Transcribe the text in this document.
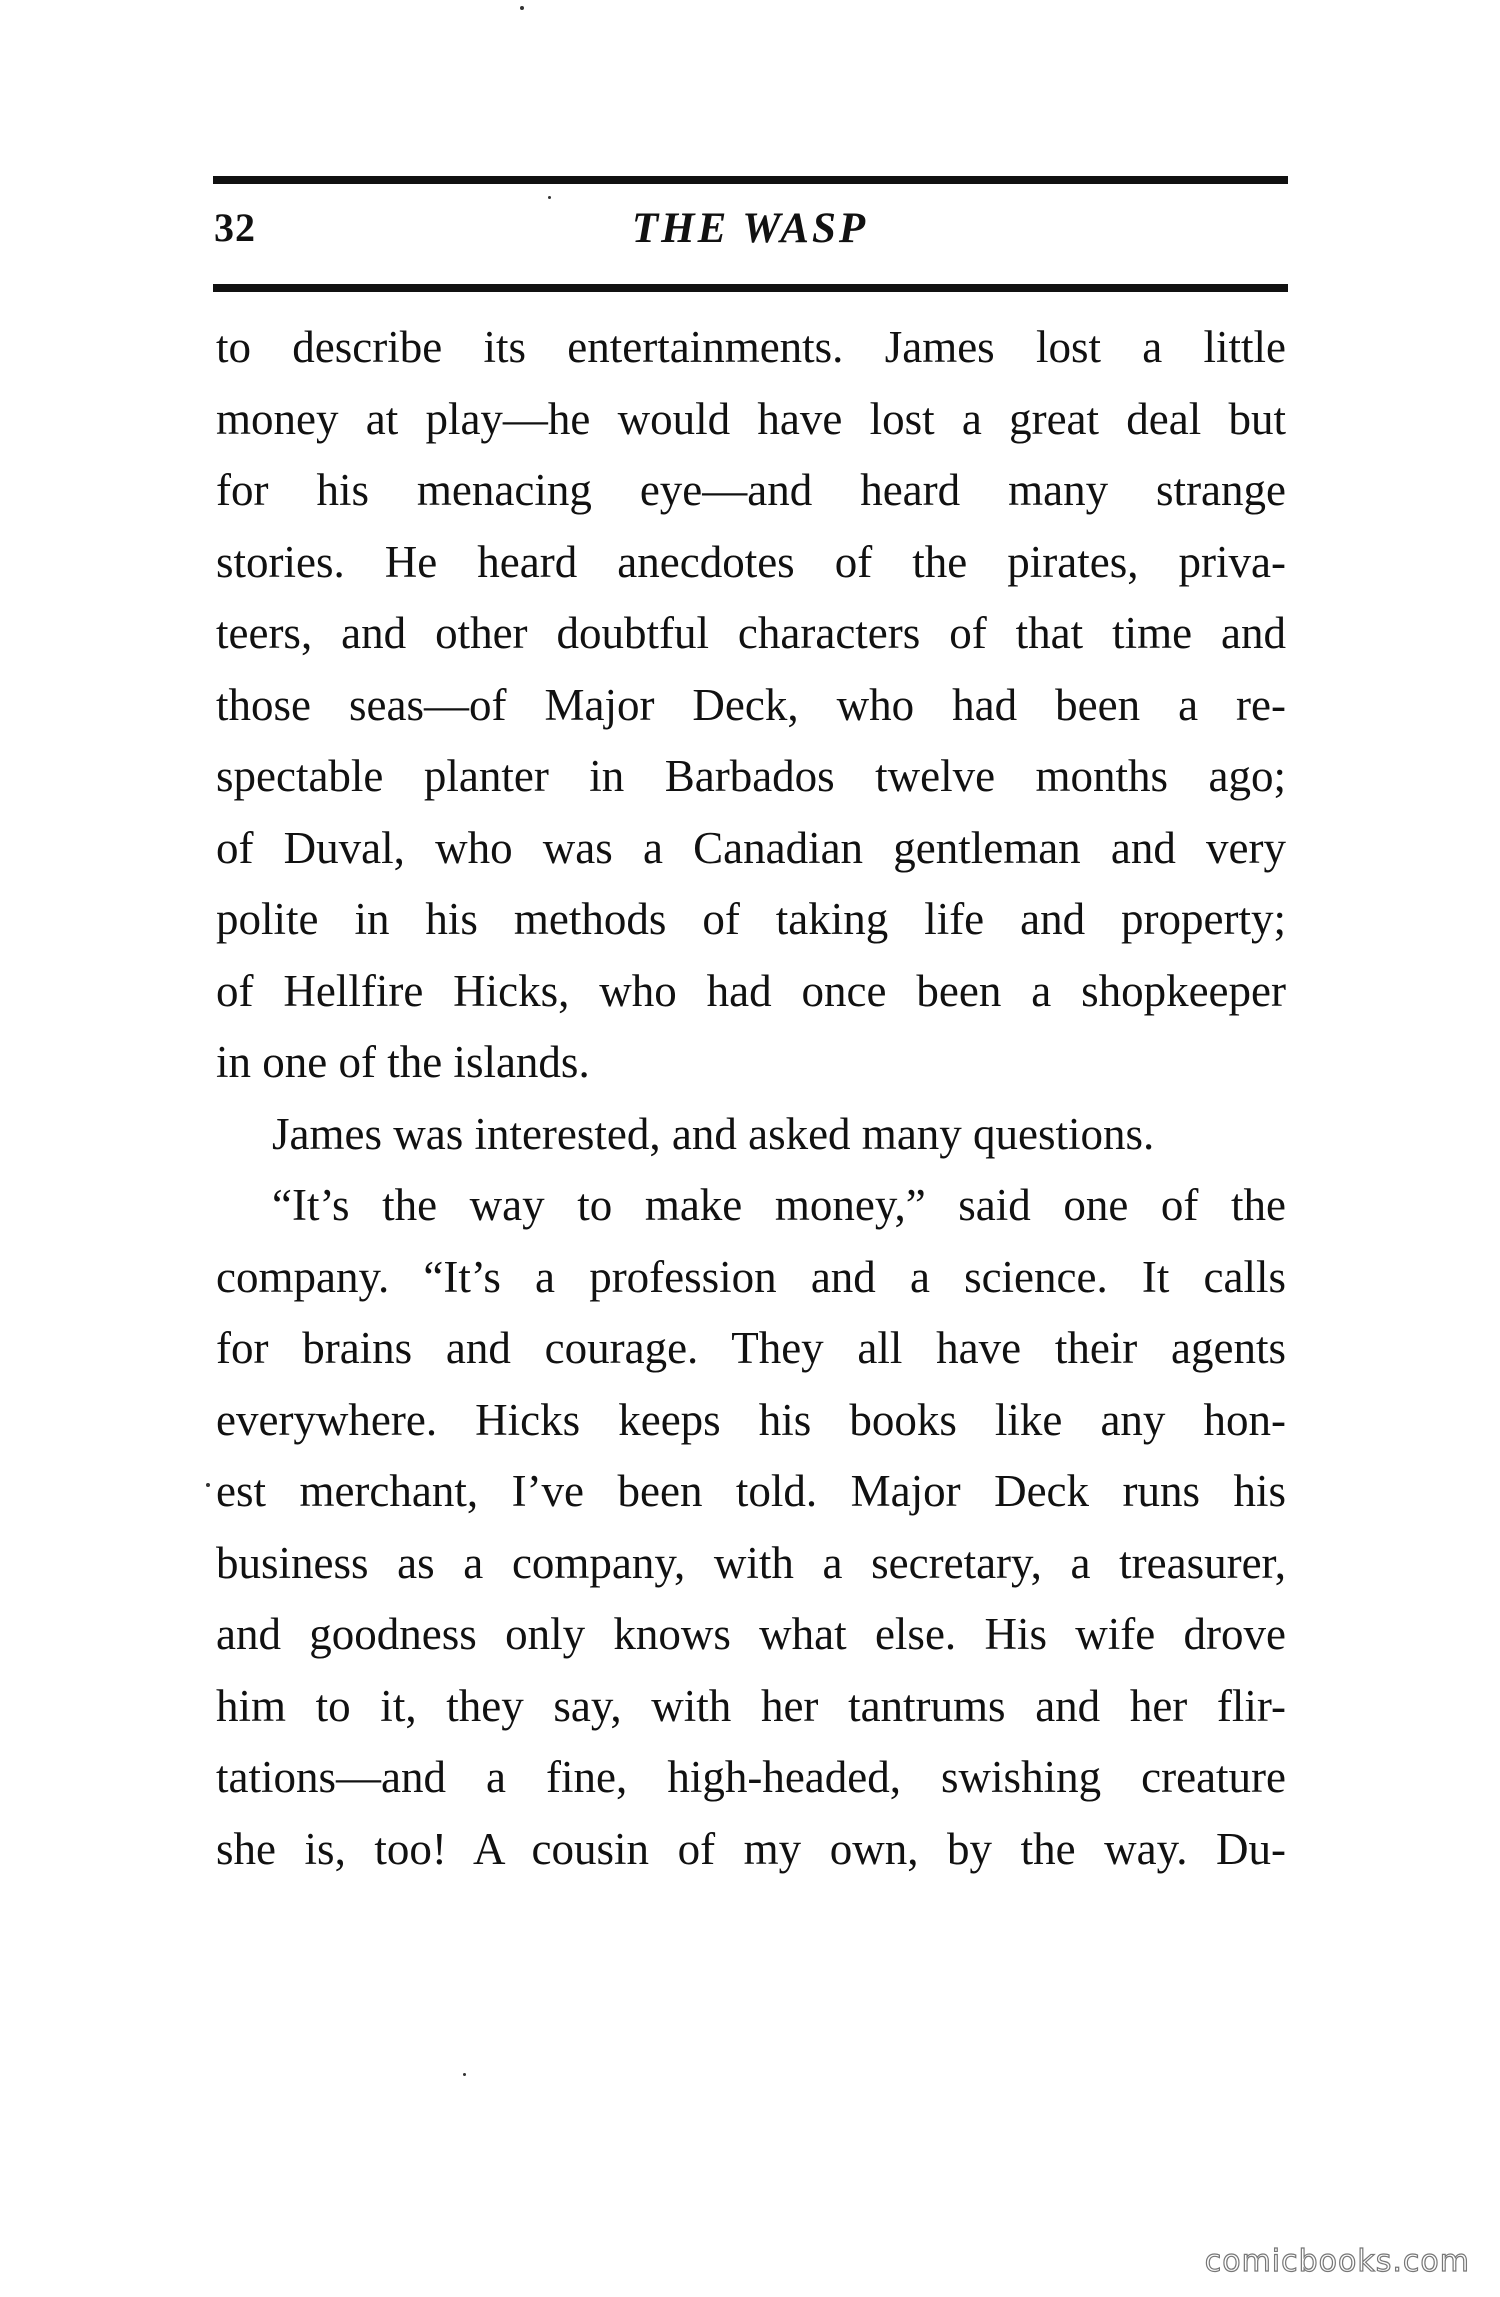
32	THE WASP
to describe its entertainments. James lost a little
money at play—he would have lost a great deal but
for his menacing eye—and heard many strange
stories. He heard anecdotes of the pirates, priva-
teers, and other doubtful characters of that time and
those seas—of Major Deck, who had been a re-
spectable planter in Barbados twelve months ago;
of Duval, who was a Canadian gentleman and very
polite in his methods of taking life and property;
of Hellfire Hicks, who had once been a shopkeeper
in one of the islands.
James was interested, and asked many questions.
“It’s the way to make money,” said one of the
company. “It’s a profession and a science. It calls
for brains and courage. They all have their agents
everywhere. Hicks keeps his books like any hon-
est merchant, I’ve been told. Major Deck runs his
business as a company, with a secretary, a treasurer,
and goodness only knows what else. His wife drove
him to it, they say, with her tantrums and her flir-
tations—and a fine, high-headed, swishing creature
she is, too! A cousin of my own, by the way. Du-
comicbooks.com
